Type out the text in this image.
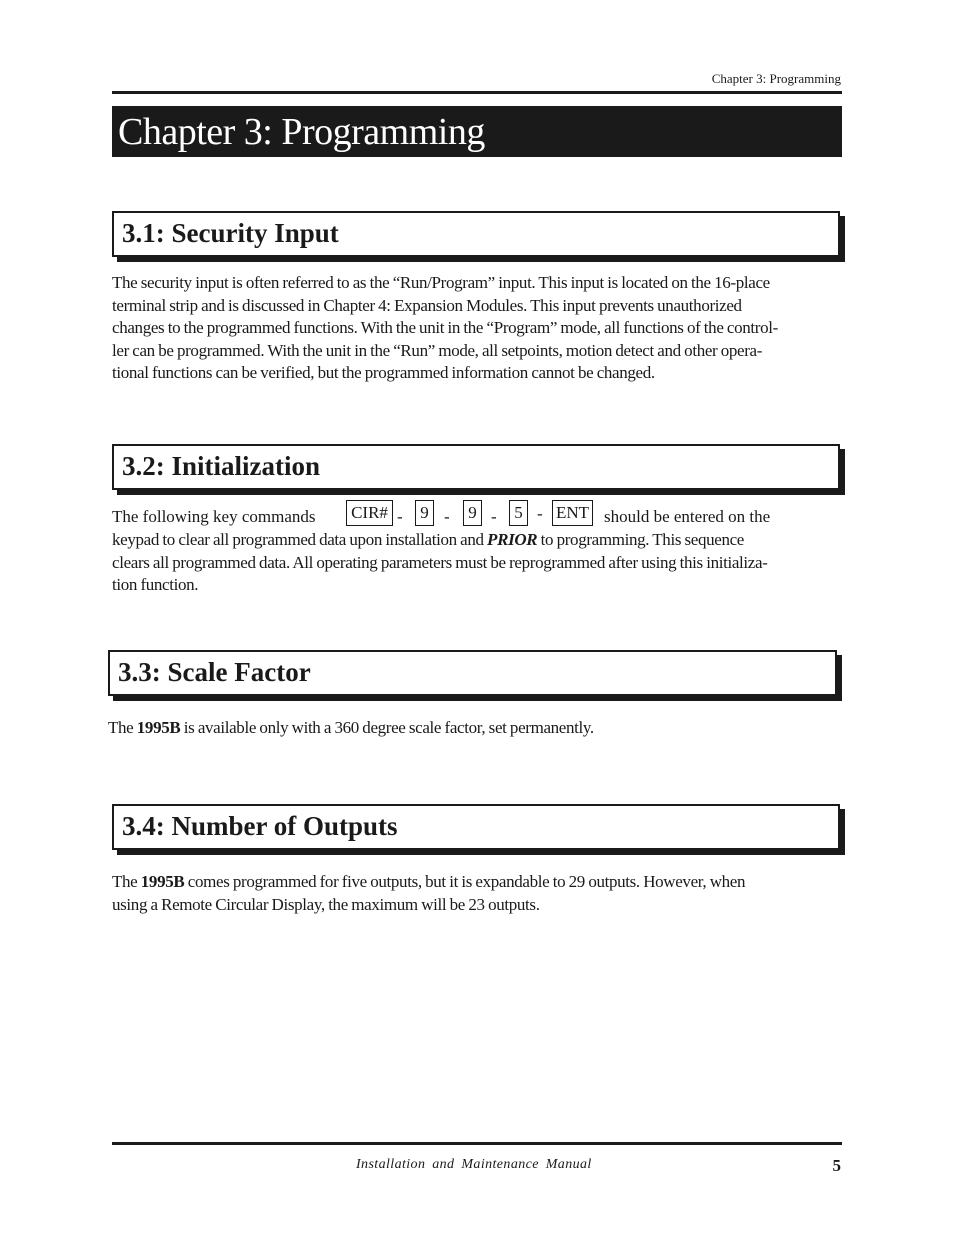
Chapter 3: Programming
Chapter 3: Programming
3.1: Security Input
The security input is often referred to as the “Run/Program” input. This input is located on the 16-place
terminal strip and is discussed in Chapter 4: Expansion Modules. This input prevents unauthorized
changes to the programmed functions. With the unit in the “Program” mode, all functions of the control-
ler can be programmed. With the unit in the “Run” mode, all setpoints, motion detect and other opera-
tional functions can be verified, but the programmed information cannot be changed.
3.2: Initialization
The following key commands CIR# -	9 -	9 -	5 - ENT should be entered on the
keypad to clear all programmed data upon installation and PRIOR to programming. This sequence
clears all programmed data. All operating parameters must be reprogrammed after using this initializa-
tion function.
3.3: Scale Factor
The 1995B is available only with a 360 degree scale factor, set permanently.
3.4: Number of Outputs
The 1995B comes programmed for five outputs, but it is expandable to 29 outputs. However, when
using a Remote Circular Display, the maximum will be 23 outputs.
Installation and Maintenance Manual	5
